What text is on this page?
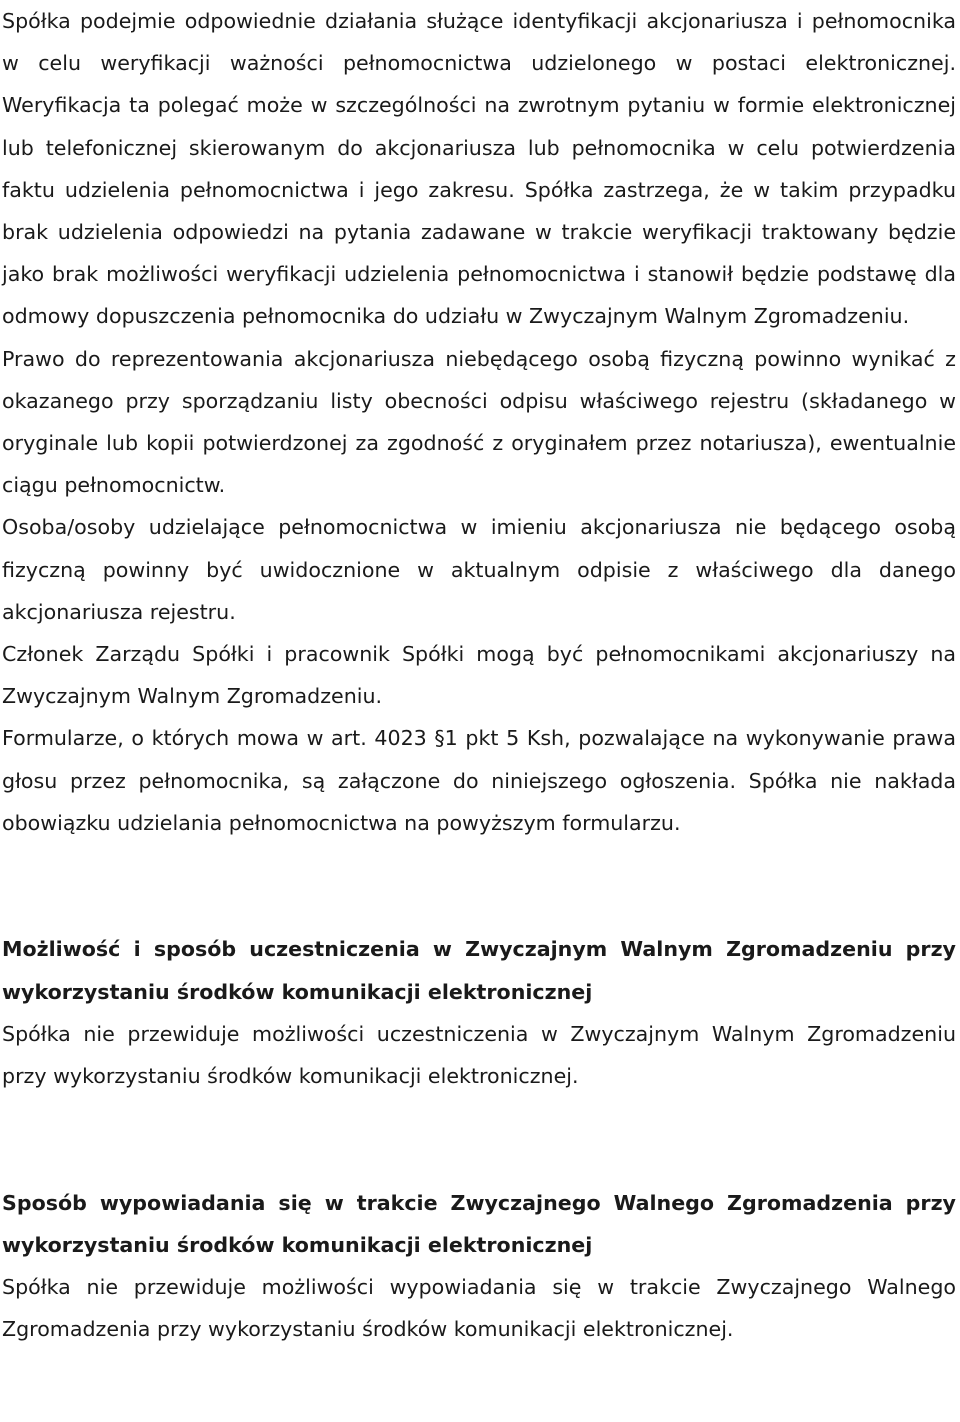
Spółka podejmie odpowiednie działania służące identyfikacji akcjonariusza i pełnomocnika w celu weryfikacji ważności pełnomocnictwa udzielonego w postaci elektronicznej. Weryfikacja ta polegać może w szczególności na zwrotnym pytaniu w formie elektronicznej lub telefonicznej skierowanym do akcjonariusza lub pełnomocnika w celu potwierdzenia faktu udzielenia pełnomocnictwa i jego zakresu. Spółka zastrzega, że w takim przypadku brak udzielenia odpowiedzi na pytania zadawane w trakcie weryfikacji traktowany będzie jako brak możliwości weryfikacji udzielenia pełnomocnictwa i stanowił będzie podstawę dla odmowy dopuszczenia pełnomocnika do udziału w Zwyczajnym Walnym Zgromadzeniu.

Prawo do reprezentowania akcjonariusza niebędącego osobą fizyczną powinno wynikać z okazanego przy sporządzaniu listy obecności odpisu właściwego rejestru (składanego w oryginale lub kopii potwierdzonej za zgodność z oryginałem przez notariusza), ewentualnie ciągu pełnomocnictw.

Osoba/osoby udzielające pełnomocnictwa w imieniu akcjonariusza nie będącego osobą fizyczną powinny być uwidocznione w aktualnym odpisie z właściwego dla danego akcjonariusza rejestru.

Członek Zarządu Spółki i pracownik Spółki mogą być pełnomocnikami akcjonariuszy na Zwyczajnym Walnym Zgromadzeniu.

Formularze, o których mowa w art. 4023 §1 pkt 5 Ksh, pozwalające na wykonywanie prawa głosu przez pełnomocnika, są załączone do niniejszego ogłoszenia. Spółka nie nakłada obowiązku udzielania pełnomocnictwa na powyższym formularzu.

Możliwość i sposób uczestniczenia w Zwyczajnym Walnym Zgromadzeniu przy wykorzystaniu środków komunikacji elektronicznej

Spółka nie przewiduje możliwości uczestniczenia w Zwyczajnym Walnym Zgromadzeniu przy wykorzystaniu środków komunikacji elektronicznej.

Sposób wypowiadania się w trakcie Zwyczajnego Walnego Zgromadzenia przy wykorzystaniu środków komunikacji elektronicznej

Spółka nie przewiduje możliwości wypowiadania się w trakcie Zwyczajnego Walnego Zgromadzenia przy wykorzystaniu środków komunikacji elektronicznej.
